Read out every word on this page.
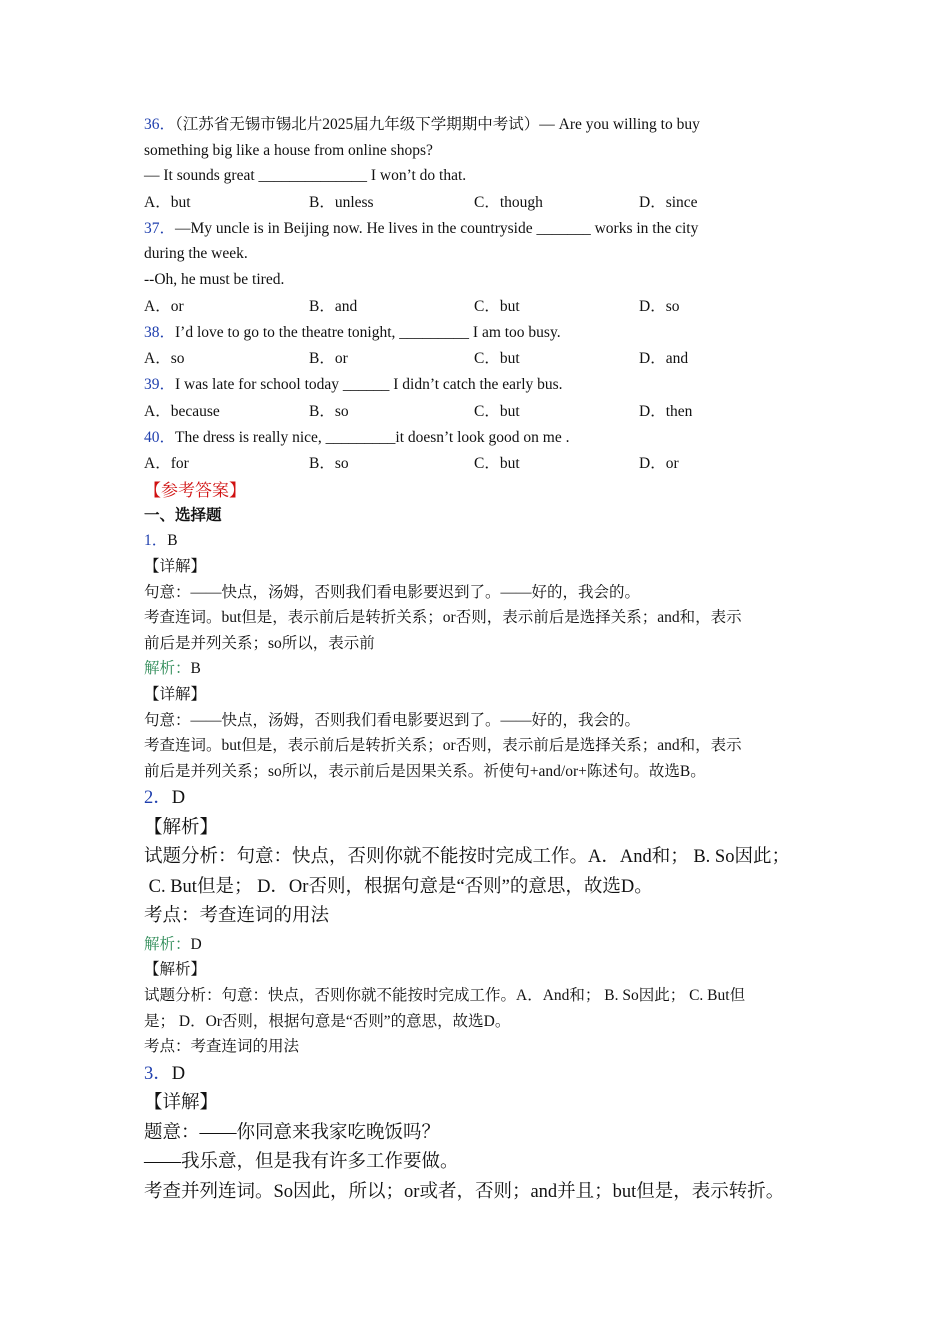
36．（江苏省无锡市锡北片2025届九年级下学期期中考试）— Are you willing to buy
something big like a house from online shops?
— It sounds great ______________ I won’t do that.
A．but	B．unless	C．though	D．since
37．—My uncle is in Beijing now. He lives in the countryside _______ works in the city
during the week.
--Oh, he must be tired.
A．or	B．and	C．but	D．so
38．I’d love to go to the theatre tonight, _________ I am too busy.
A．so	B．or	C．but	D．and
39．I was late for school today ______ I didn’t catch the early bus.
A．because	B．so	C．but	D．then
40．The dress is really nice, _________it doesn’t look good on me .
A．for	B．so	C．but	D．or
【参考答案】
一、选择题
1．B
【详解】
句意：——快点，汤姆，否则我们看电影要迟到了。——好的，我会的。
考查连词。but但是，表示前后是转折关系；or否则，表示前后是选择关系；and和，表示
前后是并列关系；so所以，表示前
解析：B
【详解】
句意：——快点，汤姆，否则我们看电影要迟到了。——好的，我会的。
考查连词。but但是，表示前后是转折关系；or否则，表示前后是选择关系；and和，表示
前后是并列关系；so所以，表示前后是因果关系。祈使句+and/or+陈述句。故选B。
2．D
【解析】
试题分析：句意：快点，否则你就不能按时完成工作。A．And和； B. So因此；
C. But但是； D．Or否则，根据句意是“否则”的意思，故选D。
考点：考查连词的用法
解析：D
【解析】
试题分析：句意：快点，否则你就不能按时完成工作。A．And和； B. So因此； C. But但
是； D．Or否则，根据句意是“否则”的意思，故选D。
考点：考查连词的用法
3．D
【详解】
题意：——你同意来我家吃晚饭吗？
——我乐意，但是我有许多工作要做。
考查并列连词。So因此，所以；or或者，否则；and并且；but但是，表示转折。
